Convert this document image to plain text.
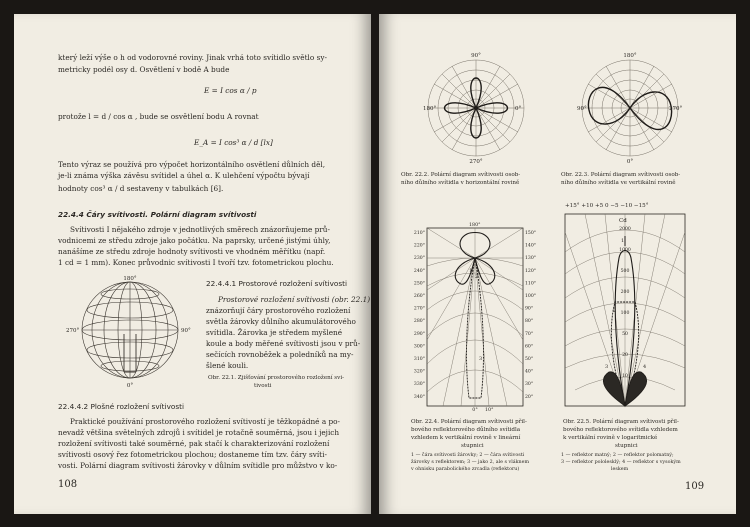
který leží výše o h od vodorovné roviny. Jinak vrhá toto svítidlo světlo sy-
metricky podél osy d. Osvětlení v bodě A bude
E = I cos α / p
protože l = d / cos α , bude se osvětlení bodu A rovnat
E_A = I cos³ α / d [lx]
Tento výraz se používá pro výpočet horizontálního osvětlení důlních děl,
je-li známa výška závěsu svítidel a úhel α. K ulehčení výpočtu bývají
hodnoty cos³ α / d sestaveny v tabulkách [6].
22.4.4 Čáry svítivosti. Polární diagram svítivosti
Svítivosti I nějakého zdroje v jednotlivých směrech znázorňujeme prů-
vodnicemi ze středu zdroje jako počátku. Na paprsky, určené jistými úhly,
nanášíme ze středu zdroje hodnoty svítivosti ve vhodném měřítku (např.
1 cd = 1 mm). Konec průvodnic svítivosti I tvoří tzv. fotometrickou plochu.
180°
0°
270°	90°
22.4.4.1 Prostorové rozložení svítivosti
Prostorové rozložení svítivosti (obr. 22.1)
znázorňují čáry prostorového rozložení
světla žárovky důlního akumulátorového
svítidla. Žárovka je středem myšlené
koule a body měřené svítivosti jsou v prů-
sečících rovnoběžek a poledníků na my-
šlené kouli.
Obr. 22.1. Zjišťování prostorového rozložení svi-
tivosti
22.4.4.2 Plošné rozložení svítivosti
Praktické používání prostorového rozložení svítivostí je těžkopádné a po-
nevadž většina světelných zdrojů i svítidel je rotačně souměrná, jsou i jejich
rozložení svítivosti také souměrné, pak stačí k charakterizování rozložení
svítivosti osový řez fotometrickou plochou; dostaneme tím tzv. čáry svíti-
vosti. Polární diagram svítivosti žárovky v důlním svítidle pro můžstvo v ko-
108
90°
180°	0°
270°
Obr. 22.2. Polární diagram svítivosti osob-
ního důlního svítidla v horizontální rovině
180°
90°	270°
0°
Obr. 22.3. Polární diagram svítivosti osob-
ního důlního svítidla ve vertikální rovině
1
2
3
180°
0° 10°
210°
220°
230°
240°
250°
260°
270°
280°
290°
300°
310°
320°
330°
340°
150°
140°
130°
120°
110°
100°
90°
80°
70°
60°
50°
40°
30°
20°
Obr. 22.4. Polární diagram svítivosti přil-
bového reflektorového důlního svítidla
vzhledem k vertikální rovině v lineární
stupnici
1 — čára svítivosti žárovky; 2 — čára svítivosti
žárovky s reflektorem; 3 — jako 2, ale s vláknem
v ohnisku parabolického zrcadla (reflektoru)
+15° +10 +5 0 −5 −10 −15°
1
2
3	4
Cd
2000
1000
500
200
100
50
20
10
Obr. 22.5. Polární diagram svítivosti přil-
bového reflektorového svítidla vzhledem
k vertikální rovině v logaritmické
stupnici
1 — reflektor matný; 2 — reflektor polomatný;
3 — reflektor pololesklý; 4 — reflektor s vysokým
leskem
109
